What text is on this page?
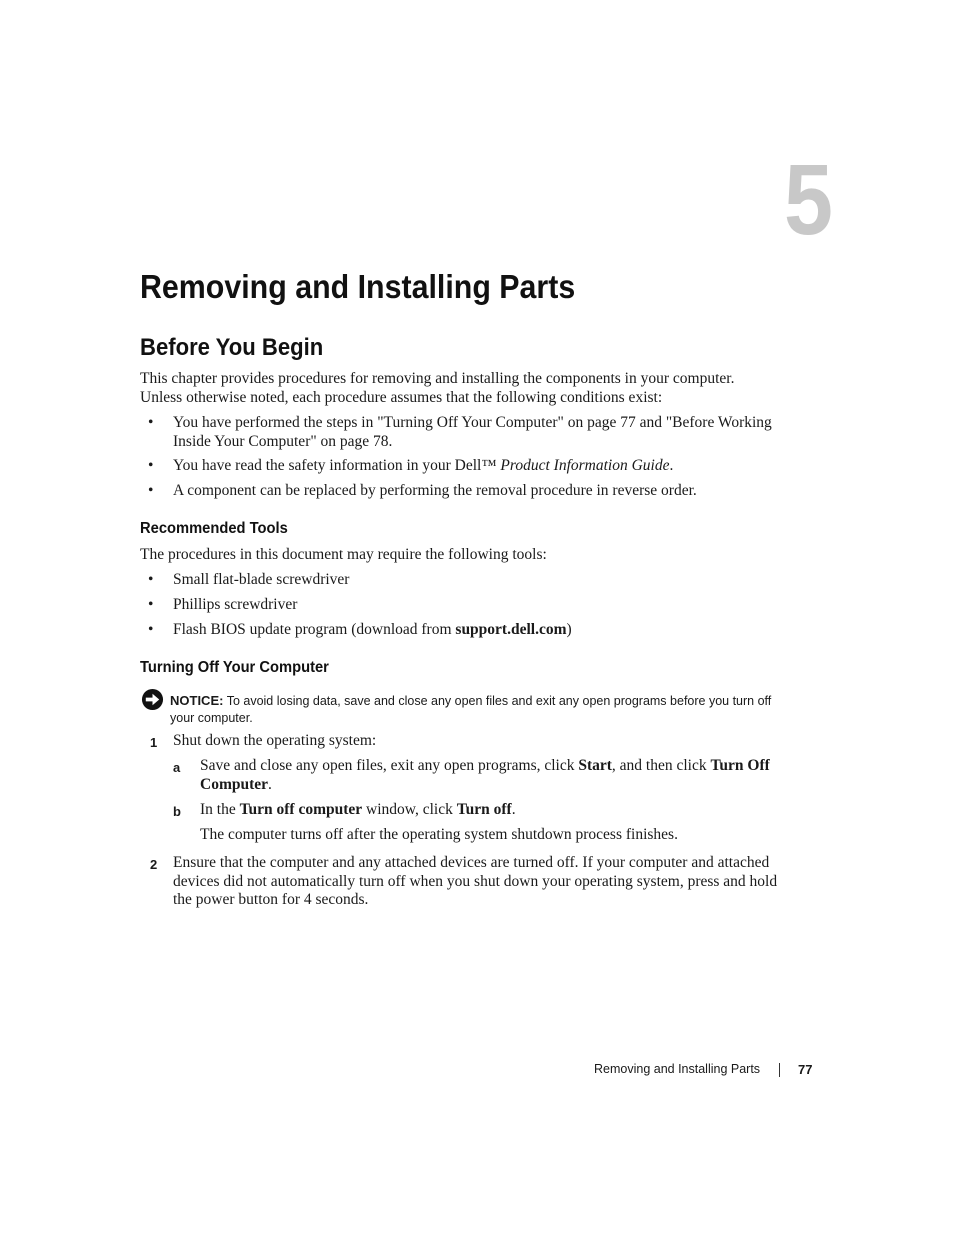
5
Removing and Installing Parts
Before You Begin
This chapter provides procedures for removing and installing the components in your computer. Unless otherwise noted, each procedure assumes that the following conditions exist:
• You have performed the steps in "Turning Off Your Computer" on page 77 and "Before Working Inside Your Computer" on page 78.
• You have read the safety information in your Dell™ Product Information Guide.
• A component can be replaced by performing the removal procedure in reverse order.
Recommended Tools
The procedures in this document may require the following tools:
• Small flat-blade screwdriver
• Phillips screwdriver
• Flash BIOS update program (download from support.dell.com)
Turning Off Your Computer
NOTICE: To avoid losing data, save and close any open files and exit any open programs before you turn off your computer.
1 Shut down the operating system:
a Save and close any open files, exit any open programs, click Start, and then click Turn Off Computer.
b In the Turn off computer window, click Turn off.
The computer turns off after the operating system shutdown process finishes.
2 Ensure that the computer and any attached devices are turned off. If your computer and attached devices did not automatically turn off when you shut down your operating system, press and hold the power button for 4 seconds.
Removing and Installing Parts	77
